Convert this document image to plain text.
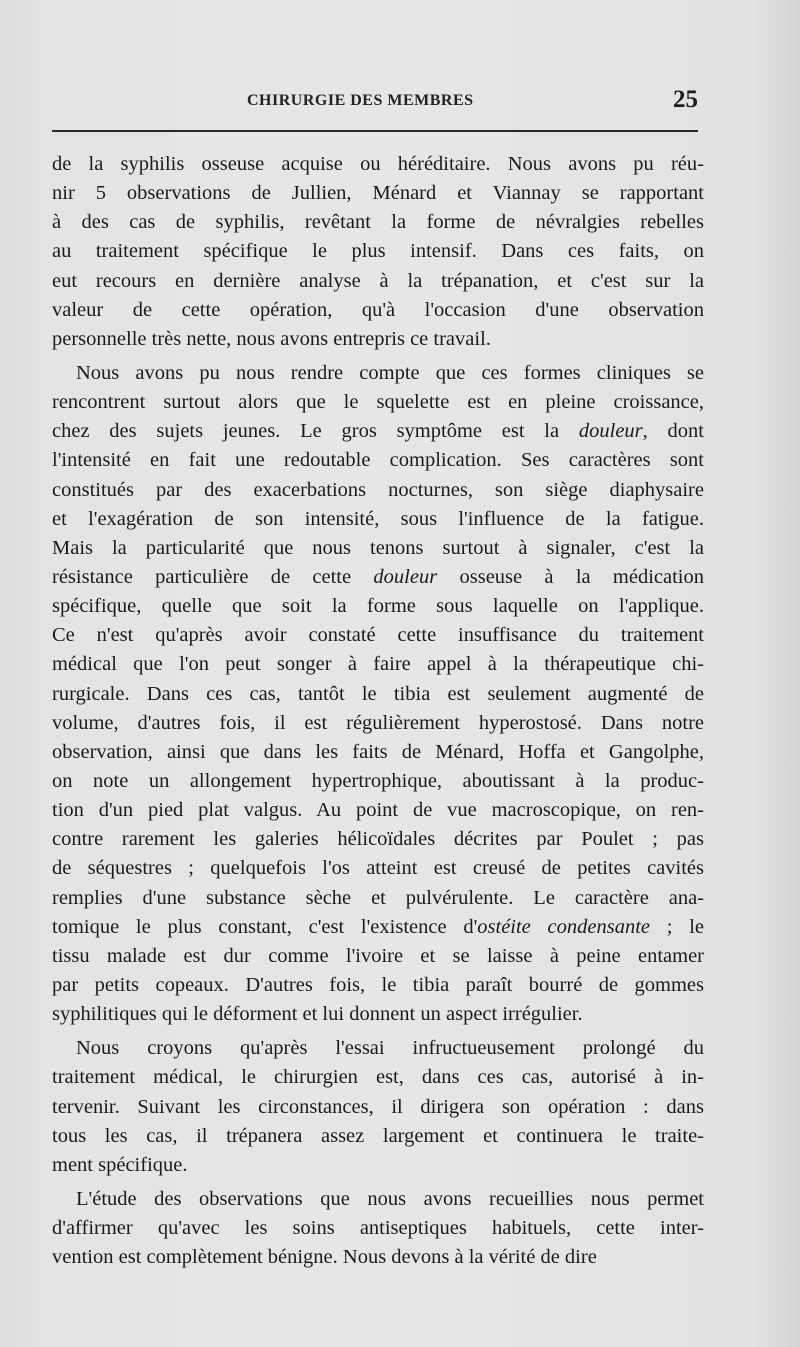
CHIRURGIE DES MEMBRES	25
de la syphilis osseuse acquise ou héréditaire. Nous avons pu réu-
nir 5 observations de Jullien, Ménard et Viannay se rapportant
à des cas de syphilis, revêtant la forme de névralgies rebelles
au traitement spécifique le plus intensif. Dans ces faits, on
eut recours en dernière analyse à la trépanation, et c'est sur la
valeur de cette opération, qu'à l'occasion d'une observation
personnelle très nette, nous avons entrepris ce travail.
Nous avons pu nous rendre compte que ces formes cliniques se
rencontrent surtout alors que le squelette est en pleine croissance,
chez des sujets jeunes. Le gros symptôme est la douleur, dont
l'intensité en fait une redoutable complication. Ses caractères sont
constitués par des exacerbations nocturnes, son siège diaphysaire
et l'exagération de son intensité, sous l'influence de la fatigue.
Mais la particularité que nous tenons surtout à signaler, c'est la
résistance particulière de cette douleur osseuse à la médication
spécifique, quelle que soit la forme sous laquelle on l'applique.
Ce n'est qu'après avoir constaté cette insuffisance du traitement
médical que l'on peut songer à faire appel à la thérapeutique chi-
rurgicale. Dans ces cas, tantôt le tibia est seulement augmenté de
volume, d'autres fois, il est régulièrement hyperostosé. Dans notre
observation, ainsi que dans les faits de Ménard, Hoffa et Gangolphe,
on note un allongement hypertrophique, aboutissant à la produc-
tion d'un pied plat valgus. Au point de vue macroscopique, on ren-
contre rarement les galeries hélicoïdales décrites par Poulet ; pas
de séquestres ; quelquefois l'os atteint est creusé de petites cavités
remplies d'une substance sèche et pulvérulente. Le caractère ana-
tomique le plus constant, c'est l'existence d'ostéite condensante ; le
tissu malade est dur comme l'ivoire et se laisse à peine entamer
par petits copeaux. D'autres fois, le tibia paraît bourré de gommes
syphilitiques qui le déforment et lui donnent un aspect irrégulier.
Nous croyons qu'après l'essai infructueusement prolongé du
traitement médical, le chirurgien est, dans ces cas, autorisé à in-
tervenir. Suivant les circonstances, il dirigera son opération : dans
tous les cas, il trépanera assez largement et continuera le traite-
ment spécifique.
L'étude des observations que nous avons recueillies nous permet
d'affirmer qu'avec les soins antiseptiques habituels, cette inter-
vention est complètement bénigne. Nous devons à la vérité de dire
